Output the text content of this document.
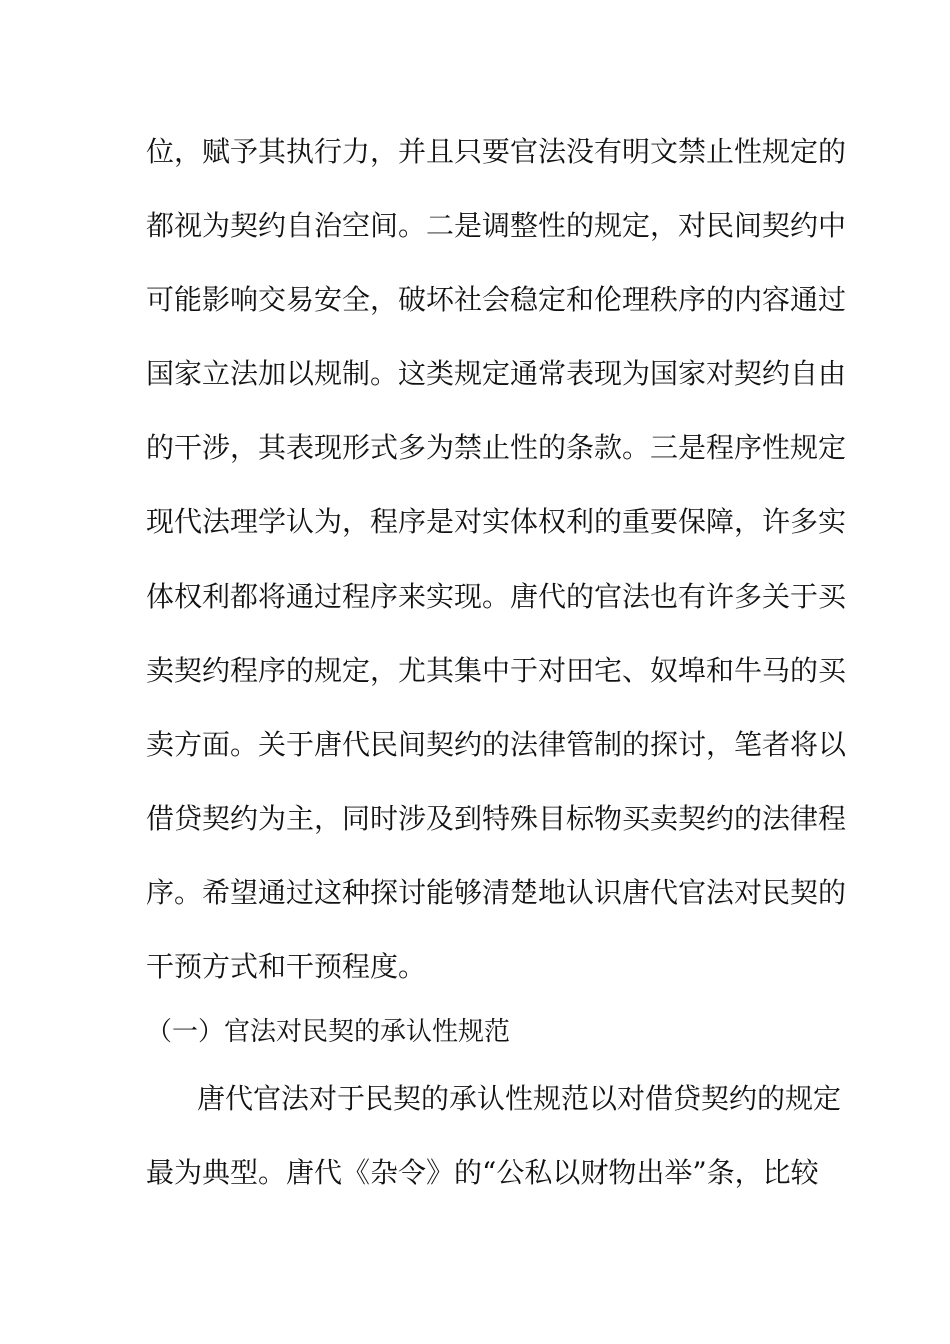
位，赋予其执行力，并且只要官法没有明文禁止性规定的
都视为契约自治空间。二是调整性的规定，对民间契约中
可能影响交易安全，破坏社会稳定和伦理秩序的内容通过
国家立法加以规制。这类规定通常表现为国家对契约自由
的干涉，其表现形式多为禁止性的条款。三是程序性规定
现代法理学认为，程序是对实体权利的重要保障，许多实
体权利都将通过程序来实现。唐代的官法也有许多关于买
卖契约程序的规定，尤其集中于对田宅、奴埠和牛马的买
卖方面。关于唐代民间契约的法律管制的探讨，笔者将以
借贷契约为主，同时涉及到特殊目标物买卖契约的法律程
序。希望通过这种探讨能够清楚地认识唐代官法对民契的
干预方式和干预程度。
（一）官法对民契的承认性规范
唐代官法对于民契的承认性规范以对借贷契约的规定
最为典型。唐代《杂令》的“公私以财物出举”条，比较
